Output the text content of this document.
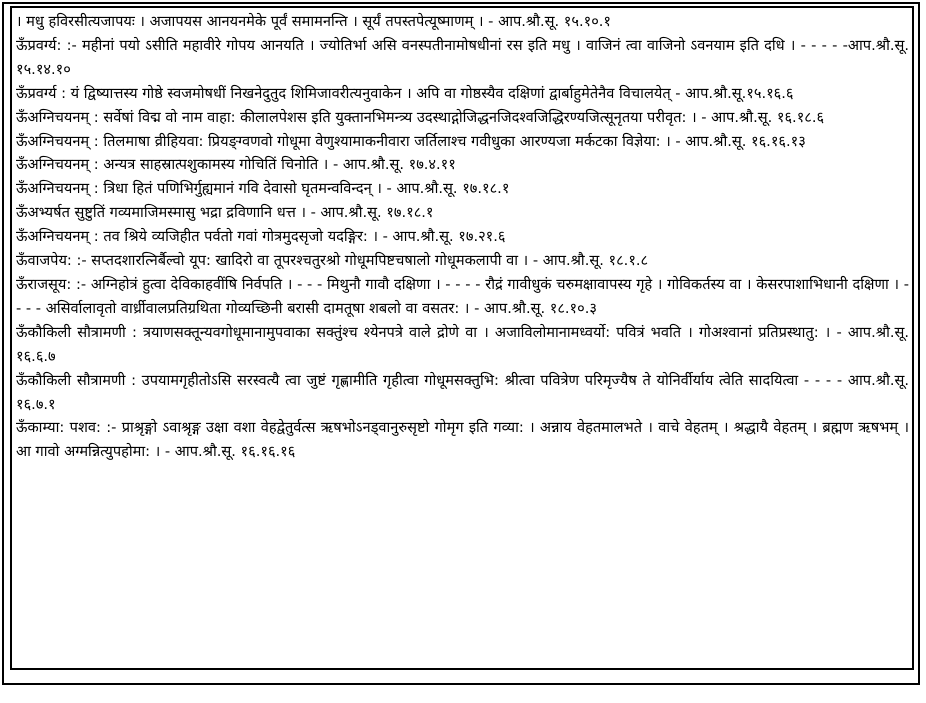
। मधु हविरसीत्यजापयः । अजापयस आनयनमेके पूर्वं समामनन्ति । सूर्यं तपस्तपेत्यूष्माणम् । - आप.श्रौ.सू. १५.१०.१

ऊँप्रवर्ग्य: :- महीनां पयो ऽसीति महावीरे गोपय आनयति । ज्योतिर्भा असि वनस्पतीनामोषधीनां रस इति मधु । वाजिनं त्वा वाजिनो ऽवनयाम इति दधि । - - - - -आप.श्रौ.सू. १५.१४.१०

ऊँप्रवर्ग्य : यं द्विष्यात्तस्य गोष्ठे स्वजमोषधीं निखनेदुतुद शिमिजावरीत्यनुवाकेन । अपि वा गोष्ठस्यैव दक्षिणां द्वार्बाहुमेतेनैव विचालयेत् - आप.श्रौ.सू.१५.१६.६

ऊँअग्निचयनम् : सर्वेषां विद्म वो नाम वाहा: कीलालपेशस इति युक्तानभिमन्त्र्य उदस्थाद्गोजिद्धनजिदश्वजिद्धिरण्यजित्सूनृतया परीवृत: । - आप.श्रौ.सू. १६.१८.६

ऊँअग्निचयनम् : तिलमाषा व्रीहियवा: प्रियङ्ग्वणवो गोधूमा वेणुश्यामाकनीवारा जर्तिलाश्च गवीधुका आरण्यजा मर्कटका विज्ञेया: । - आप.श्रौ.सू. १६.१६.१३

ऊँअग्निचयनम् : अन्यत्र साहस्रात्पशुकामस्य गोचितिं चिनोति । - आप.श्रौ.सू. १७.४.११

ऊँअग्निचयनम् : त्रिधा हितं पणिभिर्गुह्यमानं गवि देवासो घृतमन्वविन्दन् । - आप.श्रौ.सू. १७.१८.१

ऊँअभ्यर्षत सुष्टुतिं गव्यमाजिमस्मासु भद्रा द्रविणानि धत्त । - आप.श्रौ.सू. १७.१८.१

ऊँअग्निचयनम् : तव श्रिये व्यजिहीत पर्वतो गवां गोत्रमुदसृजो यदङ्गिर: । - आप.श्रौ.सू. १७.२१.६

ऊँवाजपेय: :- सप्तदशारत्निर्बैल्वो यूप: खादिरो वा तूपरश्चतुरश्रो गोधूमपिष्टचषालो गोधूमकलापी वा । - आप.श्रौ.सू. १८.१.८

ऊँराजसूय: :- अग्निहोत्रं हुत्वा देविकाहवींषि निर्वपति । - - - मिथुनौ गावौ दक्षिणा । - - - - रौद्रं गावीधुकं चरुमक्षावापस्य गृहे । गोविकर्तस्य वा । केसरपाशाभिधानी दक्षिणा । - - - - असिर्वालावृतो वार्ध्रीवालप्रतिग्रथिता गोव्यच्छिनी बरासी दामतूषा शबलो वा वसतर: । - आप.श्रौ.सू. १८.१०.३

ऊँकौकिली सौत्रामणी : त्रयाणसक्तून्यवगोधूमानामुपवाका सक्तुंश्च श्येनपत्रे वाले द्रोणे वा । अजाविलोमानामध्वर्यो: पवित्रं भवति । गोअश्वानां प्रतिप्रस्थातु: । - आप.श्रौ.सू. १६.६.७

ऊँकौकिली सौत्रामणी : उपयामगृहीतोऽसि सरस्वत्यै त्वा जुष्टं गृह्णामीति गृहीत्वा गोधूमसक्तुभि: श्रीत्वा पवित्रेण परिमृज्यैष ते योनिर्वीर्याय त्वेति सादयित्वा - - - - आप.श्रौ.सू. १६.७.१

ऊँकाम्या: पशव: :- प्राश्रृङ्गो ऽवाश्रृङ्ग उक्षा वशा वेहद्वेतुर्वत्स ऋषभोऽनड्वानुरुसृष्टो गोमृग इति गव्या: । अन्नाय वेहतमालभते । वाचे वेहतम् । श्रद्धायै वेहतम् । ब्रह्मण ऋषभम् । आ गावो अग्मन्नित्युपहोमा: । - आप.श्रौ.सू. १६.१६.१६
